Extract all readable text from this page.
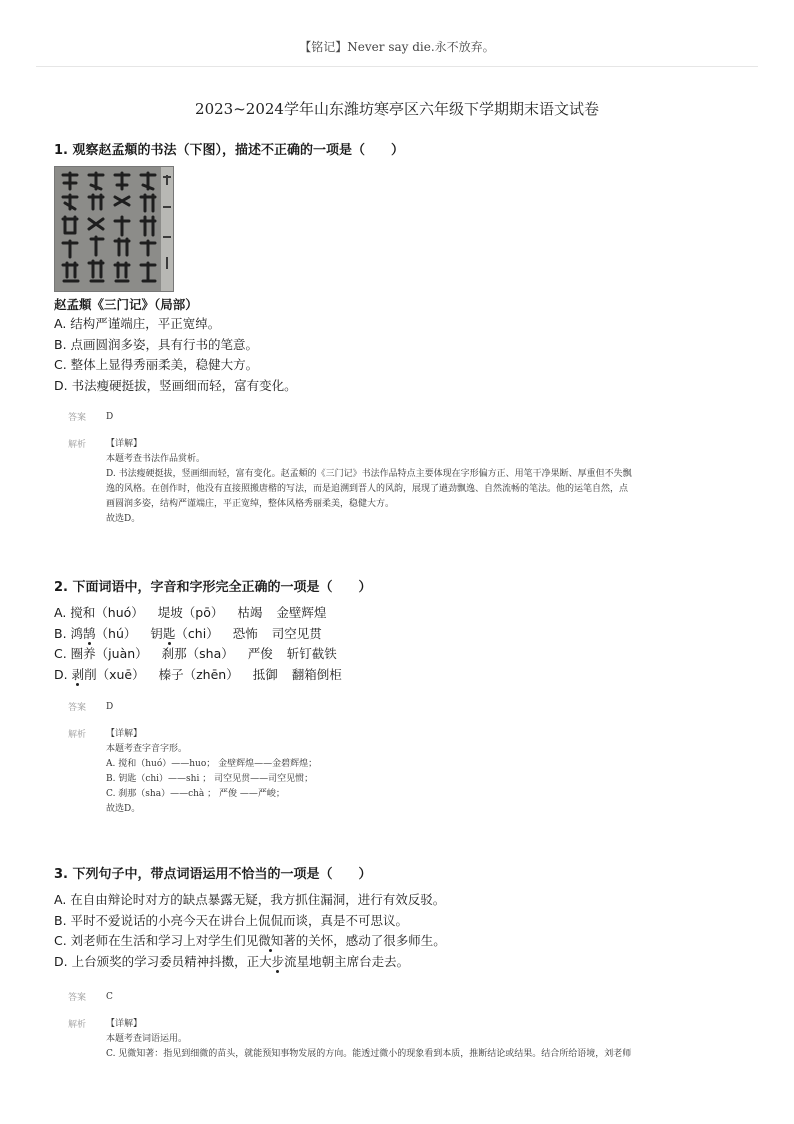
【铭记】Never say die.永不放弃。
2023~2024学年山东潍坊寒亭区六年级下学期期末语文试卷

1. 观察赵孟頫的书法（下图），描述不正确的一项是（　　）

赵孟頫《三门记》（局部）
A. 结构严谨端庄，平正宽绰。
B. 点画圆润多姿，具有行书的笔意。
C. 整体上显得秀丽柔美，稳健大方。
D. 书法瘦硬挺拔，竖画细而轻，富有变化。
答案	D
解析	【详解】

本题考查书法作品赏析。

D. 书法瘦硬挺拔，竖画细而轻，富有变化。赵孟頫的《三门记》书法作品特点主要体现在字形偏方正、用笔干净果断、厚重但不失飘

逸的风格。在创作时，他没有直接照搬唐楷的写法，而是追溯到晋人的风韵，展现了遒劲飘逸、自然流畅的笔法。他的运笔自然，点

画圆润多姿，结构严谨端庄，平正宽绰，整体风格秀丽柔美，稳健大方。

故选D。

2. 下面词语中，字音和字形完全正确的一项是（　　）

A. 搅和（huó） 堤坡（pō） 枯竭 金壁辉煌
B. 鸿鹄（hú） 钥匙（chi） 恐怖 司空见贯
C. 圈养（juàn） 刹那（sha） 严俊 斩钉截铁
D. 剥削（xuē） 榛子（zhēn） 抵御 翻箱倒柜
答案	D
解析	【详解】

本题考查字音字形。

A. 搅和（huó）——huo； 金壁辉煌——金碧辉煌；

B. 钥匙（chi）——shi ； 司空见贯——司空见惯；

C. 刹那（sha）——chà ； 严俊 ——严峻；

故选D。

3. 下列句子中，带点词语运用不恰当的一项是（　　）

A. 在自由辩论时对方的缺点暴露无疑，我方抓住漏洞，进行有效反驳。
B. 平时不爱说话的小亮今天在讲台上侃侃而谈，真是不可思议。
C. 刘老师在生活和学习上对学生们见微知著的关怀，感动了很多师生。
D. 上台颁奖的学习委员精神抖擞，正大步流星地朝主席台走去。
答案	C
解析	【详解】

本题考查词语运用。

C. 见微知著：指见到细微的苗头，就能预知事物发展的方向。能透过微小的现象看到本质，推断结论或结果。结合所给语境，刘老师
